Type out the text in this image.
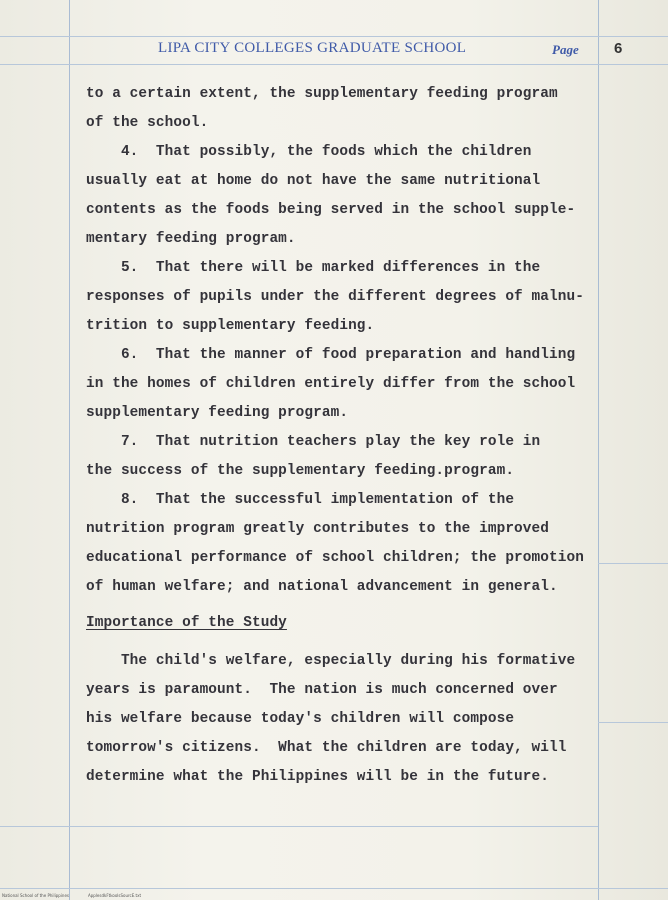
LIPA CITY COLLEGES GRADUATE SCHOOL	Page 6
to a certain extent, the supplementary feeding program
of the school.
4.  That possibly, the foods which the children
usually eat at home do not have the same nutritional
contents as the foods being served in the school supple-
mentary feeding program.
5.  That there will be marked differences in the
responses of pupils under the different degrees of malnu-
trition to supplementary feeding.
6.  That the manner of food preparation and handling
in the homes of children entirely differ from the school
supplementary feeding program.
7.  That nutrition teachers play the key role in
the success of the supplementary feeding.program.
8.  That the successful implementation of the
nutrition program greatly contributes to the improved
educational performance of school children; the promotion
of human welfare; and national advancement in general.
Importance of the Study
The child's welfare, especially during his formative
years is paramount.  The nation is much concerned over
his welfare because today's children will compose
tomorrow's citizens.  What the children are today, will
determine what the Philippines will be in the future.
National School of the Philippines	ApplesdkFtkoolsSourcE.txt
